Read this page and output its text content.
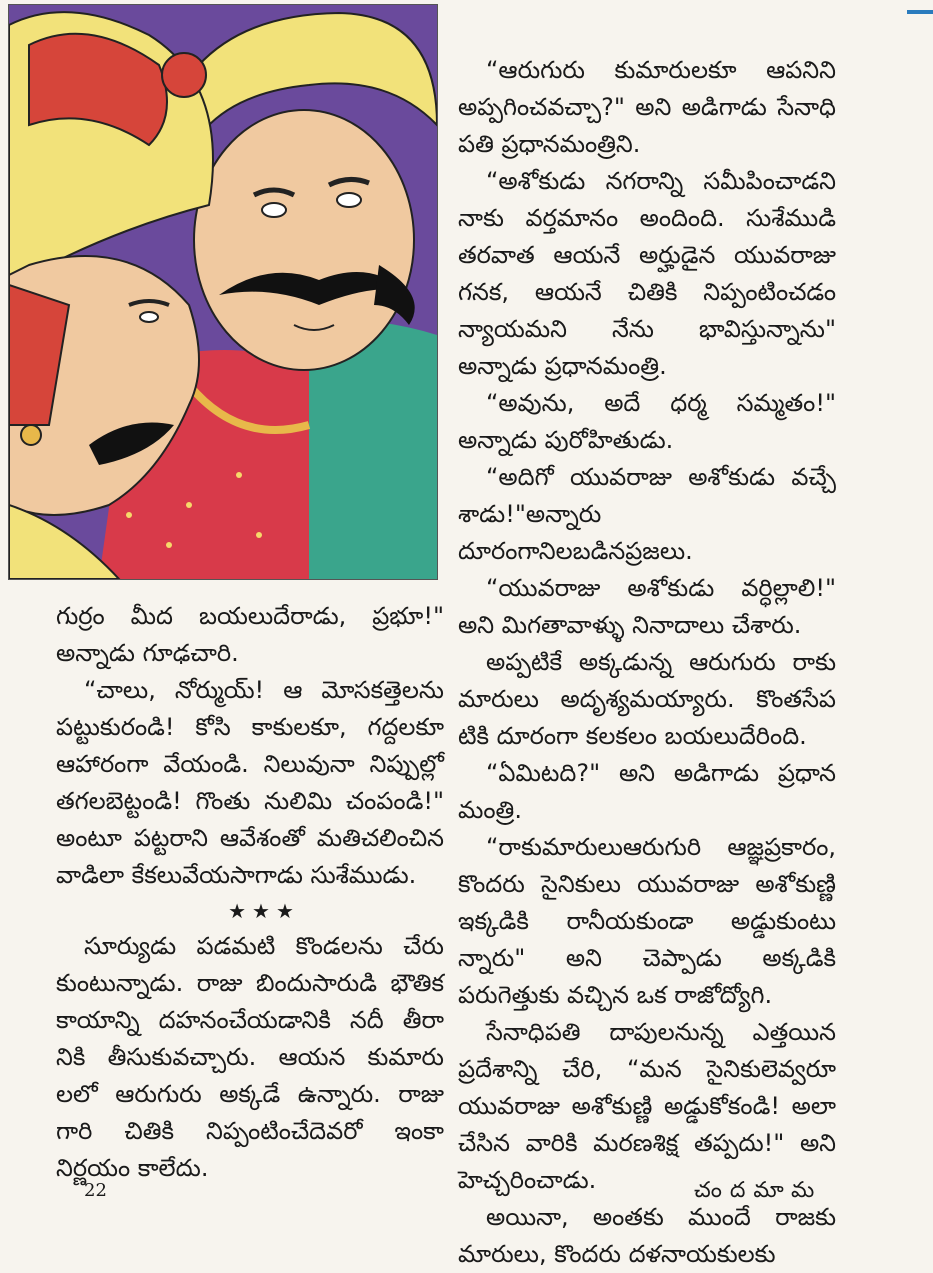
గుర్రం మీద బయలుదేరాడు, ప్రభూ!" అన్నాడు గూఢచారి.

“చాలు, నోర్ముయ్! ఆ మోసకత్తెలను పట్టుకురండి! కోసి కాకులకూ, గద్దలకూ ఆహారంగా వేయండి. నిలువునా నిప్పుల్లో తగలబెట్టండి! గొంతు నులిమి చంపండి!" అంటూ పట్టరాని ఆవేశంతో మతిచలించిన వాడిలా కేకలువేయసాగాడు సుశేముడు.

★★★

సూర్యుడు పడమటి కొండలను చేరు కుంటున్నాడు. రాజు బిందుసారుడి భౌతిక కాయాన్ని దహనంచేయడానికి నదీ తీరా నికి తీసుకువచ్చారు. ఆయన కుమారు లలో ఆరుగురు అక్కడే ఉన్నారు. రాజు గారి చితికి నిప్పంటించేదెవరో ఇంకా నిర్ణయం కాలేదు.

“ఆరుగురు కుమారులకూ ఆపనిని అప్పగించవచ్చా?" అని అడిగాడు సేనాధి పతి ప్రధానమంత్రిని.

“అశోకుడు నగరాన్ని సమీపించాడని నాకు వర్తమానం అందింది. సుశేముడి తరవాత ఆయనే అర్హుడైన యువరాజు గనక, ఆయనే చితికి నిప్పంటించడం న్యాయమని నేను భావిస్తున్నాను" అన్నాడు ప్రధానమంత్రి.

“అవును, అదే ధర్మ సమ్మతం!" అన్నాడు పురోహితుడు.

“అదిగో యువరాజు అశోకుడు వచ్చే శాడు!"అన్నారు దూరంగానిలబడినప్రజలు.

“యువరాజు అశోకుడు వర్ధిల్లాలి!" అని మిగతావాళ్ళు నినాదాలు చేశారు.

అప్పటికే అక్కడున్న ఆరుగురు రాకు మారులు అదృశ్యమయ్యారు. కొంతసేప టికి దూరంగా కలకలం బయలుదేరింది.

“ఏమిటది?" అని అడిగాడు ప్రధాన మంత్రి.

“రాకుమారులుఆరుగురి ఆజ్ఞప్రకారం, కొందరు సైనికులు యువరాజు అశోకుణ్ణి ఇక్కడికి రానీయకుండా అడ్డుకుంటు న్నారు" అని చెప్పాడు అక్కడికి పరుగెత్తుకు వచ్చిన ఒక రాజోద్యోగి.

సేనాధిపతి దాపులనున్న ఎత్తయిన ప్రదేశాన్ని చేరి, “మన సైనికులెవ్వరూ యువరాజు అశోకుణ్ణి అడ్డుకోకండి! అలా చేసిన వారికి మరణశిక్ష తప్పదు!" అని హెచ్చరించాడు.

అయినా, అంతకు ముందే రాజకు మారులు, కొందరు దళనాయకులకు

22	చందమామ
